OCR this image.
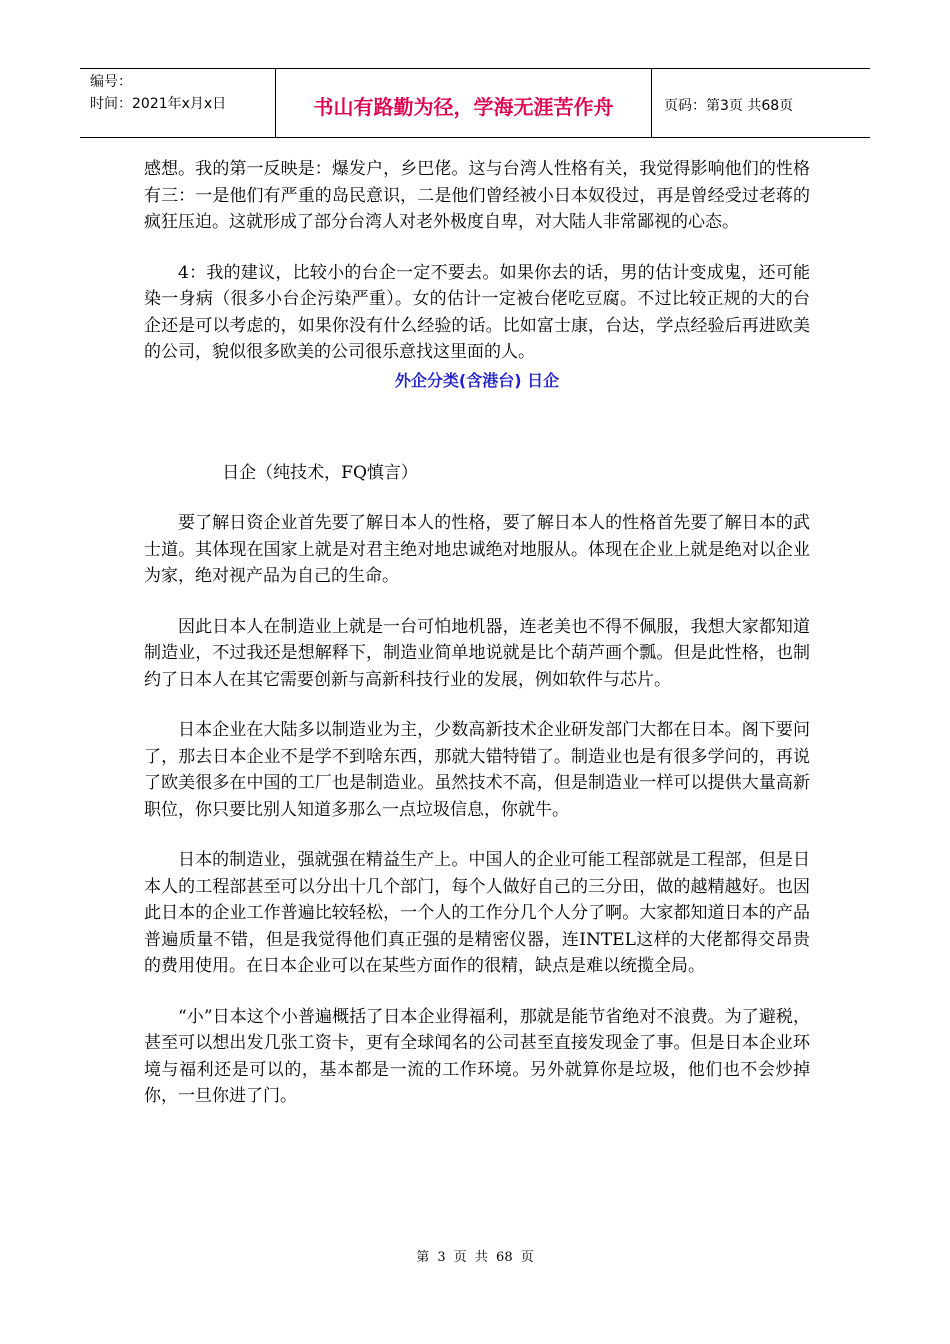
编号：
时间：2021年x月x日	书山有路勤为径，学海无涯苦作舟	页码：第3页 共68页

感想。我的第一反映是：爆发户，乡巴佬。这与台湾人性格有关，我觉得影响他们的性格有三：一是他们有严重的岛民意识，二是他们曾经被小日本奴役过，再是曾经受过老蒋的疯狂压迫。这就形成了部分台湾人对老外极度自卑，对大陆人非常鄙视的心态。

4：我的建议，比较小的台企一定不要去。如果你去的话，男的估计变成鬼，还可能染一身病（很多小台企污染严重）。女的估计一定被台佬吃豆腐。不过比较正规的大的台企还是可以考虑的，如果你没有什么经验的话。比如富士康，台达，学点经验后再进欧美的公司，貌似很多欧美的公司很乐意找这里面的人。

外企分类(含港台) 日企

日企（纯技术，FQ慎言）

要了解日资企业首先要了解日本人的性格，要了解日本人的性格首先要了解日本的武士道。其体现在国家上就是对君主绝对地忠诚绝对地服从。体现在企业上就是绝对以企业为家，绝对视产品为自己的生命。

因此日本人在制造业上就是一台可怕地机器，连老美也不得不佩服，我想大家都知道制造业，不过我还是想解释下，制造业简单地说就是比个葫芦画个瓢。但是此性格，也制约了日本人在其它需要创新与高新科技行业的发展，例如软件与芯片。

日本企业在大陆多以制造业为主，少数高新技术企业研发部门大都在日本。阁下要问了，那去日本企业不是学不到啥东西，那就大错特错了。制造业也是有很多学问的，再说了欧美很多在中国的工厂也是制造业。虽然技术不高，但是制造业一样可以提供大量高新职位，你只要比别人知道多那么一点垃圾信息，你就牛。

日本的制造业，强就强在精益生产上。中国人的企业可能工程部就是工程部，但是日本人的工程部甚至可以分出十几个部门，每个人做好自己的三分田，做的越精越好。也因此日本的企业工作普遍比较轻松，一个人的工作分几个人分了啊。大家都知道日本的产品普遍质量不错，但是我觉得他们真正强的是精密仪器，连INTEL这样的大佬都得交昂贵的费用使用。在日本企业可以在某些方面作的很精，缺点是难以统揽全局。

“小”日本这个小普遍概括了日本企业得福利，那就是能节省绝对不浪费。为了避税，甚至可以想出发几张工资卡，更有全球闻名的公司甚至直接发现金了事。但是日本企业环境与福利还是可以的，基本都是一流的工作环境。另外就算你是垃圾，他们也不会炒掉你，一旦你进了门。

第 3 页 共 68 页
